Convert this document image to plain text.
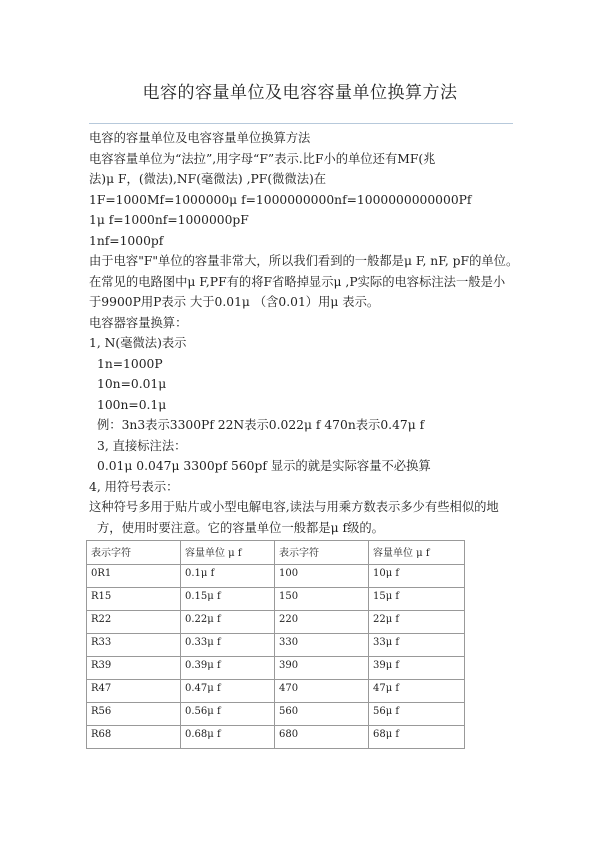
电容的容量单位及电容容量单位换算方法
电容的容量单位及电容容量单位换算方法
电容容量单位为“法拉”,用字母“F”表示.比F小的单位还有MF(兆
法)μ F，(微法),NF(毫微法) ,PF(微微法)在
1F=1000Mf=1000000μ f=1000000000nf=1000000000000Pf
1μ f=1000nf=1000000pF
1nf=1000pf
由于电容"F"单位的容量非常大，所以我们看到的一般都是μ F, nF, pF的单位。
在常见的电路图中μ F,PF有的将F省略掉显示μ ,P实际的电容标注法一般是小
于9900P用P表示 大于0.01μ （含0.01）用μ 表示。
电容器容量换算：
1, N(毫微法)表示
1n=1000P
10n=0.01μ
100n=0.1μ
例：3n3表示3300Pf 22N表示0.022μ f 470n表示0.47μ f
3, 直接标注法：
0.01μ 0.047μ 3300pf 560pf 显示的就是实际容量不必换算
4, 用符号表示：
这种符号多用于贴片或小型电解电容,读法与用乘方数表示多少有些相似的地
方，使用时要注意。它的容量单位一般都是μ f级的。
表示字符	容量单位 μ f	表示字符	容量单位 μ f
0R1	0.1μ f	100	10μ f
R15	0.15μ f	150	15μ f
R22	0.22μ f	220	22μ f
R33	0.33μ f	330	33μ f
R39	0.39μ f	390	39μ f
R47	0.47μ f	470	47μ f
R56	0.56μ f	560	56μ f
R68	0.68μ f	680	68μ f
